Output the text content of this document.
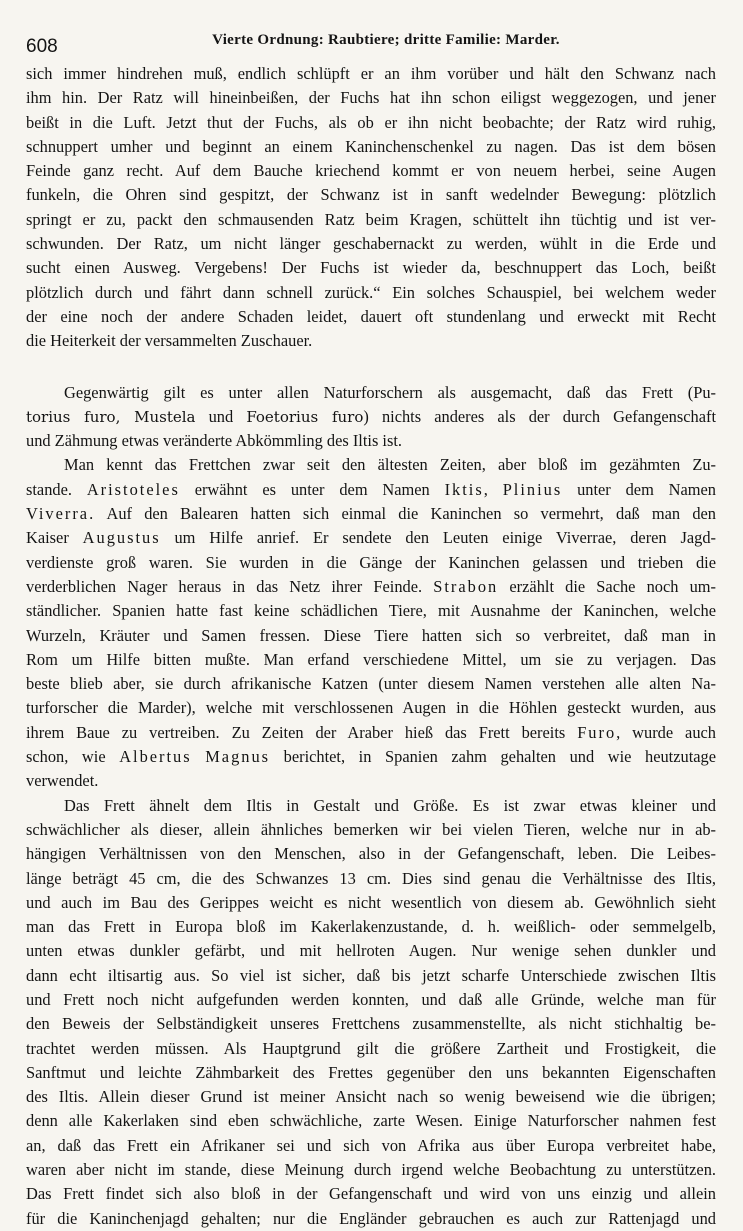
608	Vierte Ordnung: Raubtiere; dritte Familie: Marder.
sich immer hindrehen muß, endlich schlüpft er an ihm vorüber und hält den Schwanz nach
ihm hin. Der Ratz will hineinbeißen, der Fuchs hat ihn schon eiligst weggezogen, und jener
beißt in die Luft. Jetzt thut der Fuchs, als ob er ihn nicht beobachte; der Ratz wird ruhig,
schnuppert umher und beginnt an einem Kaninchenschenkel zu nagen. Das ist dem bösen
Feinde ganz recht. Auf dem Bauche kriechend kommt er von neuem herbei, seine Augen
funkeln, die Ohren sind gespitzt, der Schwanz ist in sanft wedelnder Bewegung: plötzlich
springt er zu, packt den schmausenden Ratz beim Kragen, schüttelt ihn tüchtig und ist ver-
schwunden. Der Ratz, um nicht länger geschabernackt zu werden, wühlt in die Erde und
sucht einen Ausweg. Vergebens! Der Fuchs ist wieder da, beschnuppert das Loch, beißt
plötzlich durch und fährt dann schnell zurück.“ Ein solches Schauspiel, bei welchem weder
der eine noch der andere Schaden leidet, dauert oft stundenlang und erweckt mit Recht
die Heiterkeit der versammelten Zuschauer.
Gegenwärtig gilt es unter allen Naturforschern als ausgemacht, daß das Frett (Pu-
torius furo, Mustela und Foetorius furo) nichts anderes als der durch Gefangenschaft
und Zähmung etwas veränderte Abkömmling des Iltis ist.
Man kennt das Frettchen zwar seit den ältesten Zeiten, aber bloß im gezähmten Zu-
stande. Aristoteles erwähnt es unter dem Namen Iktis, Plinius unter dem Namen
Viverra. Auf den Balearen hatten sich einmal die Kaninchen so vermehrt, daß man den
Kaiser Augustus um Hilfe anrief. Er sendete den Leuten einige Viverrae, deren Jagd-
verdienste groß waren. Sie wurden in die Gänge der Kaninchen gelassen und trieben die
verderblichen Nager heraus in das Netz ihrer Feinde. Strabon erzählt die Sache noch um-
ständlicher. Spanien hatte fast keine schädlichen Tiere, mit Ausnahme der Kaninchen, welche
Wurzeln, Kräuter und Samen fressen. Diese Tiere hatten sich so verbreitet, daß man in
Rom um Hilfe bitten mußte. Man erfand verschiedene Mittel, um sie zu verjagen. Das
beste blieb aber, sie durch afrikanische Katzen (unter diesem Namen verstehen alle alten Na-
turforscher die Marder), welche mit verschlossenen Augen in die Höhlen gesteckt wurden, aus
ihrem Baue zu vertreiben. Zu Zeiten der Araber hieß das Frett bereits Furo, wurde auch
schon, wie Albertus Magnus berichtet, in Spanien zahm gehalten und wie heutzutage
verwendet.
Das Frett ähnelt dem Iltis in Gestalt und Größe. Es ist zwar etwas kleiner und
schwächlicher als dieser, allein ähnliches bemerken wir bei vielen Tieren, welche nur in ab-
hängigen Verhältnissen von den Menschen, also in der Gefangenschaft, leben. Die Leibes-
länge beträgt 45 cm, die des Schwanzes 13 cm. Dies sind genau die Verhältnisse des Iltis,
und auch im Bau des Gerippes weicht es nicht wesentlich von diesem ab. Gewöhnlich sieht
man das Frett in Europa bloß im Kakerlakenzustande, d. h. weißlich- oder semmelgelb,
unten etwas dunkler gefärbt, und mit hellroten Augen. Nur wenige sehen dunkler und
dann echt iltisartig aus. So viel ist sicher, daß bis jetzt scharfe Unterschiede zwischen Iltis
und Frett noch nicht aufgefunden werden konnten, und daß alle Gründe, welche man für
den Beweis der Selbständigkeit unseres Frettchens zusammenstellte, als nicht stichhaltig be-
trachtet werden müssen. Als Hauptgrund gilt die größere Zartheit und Frostigkeit, die
Sanftmut und leichte Zähmbarkeit des Frettes gegenüber den uns bekannten Eigenschaften
des Iltis. Allein dieser Grund ist meiner Ansicht nach so wenig beweisend wie die übrigen;
denn alle Kakerlaken sind eben schwächliche, zarte Wesen. Einige Naturforscher nahmen fest
an, daß das Frett ein Afrikaner sei und sich von Afrika aus über Europa verbreitet habe,
waren aber nicht im stande, diese Meinung durch irgend welche Beobachtung zu unterstützen.
Das Frett findet sich also bloß in der Gefangenschaft und wird von uns einzig und allein
für die Kaninchenjagd gehalten; nur die Engländer gebrauchen es auch zur Rattenjagd und
